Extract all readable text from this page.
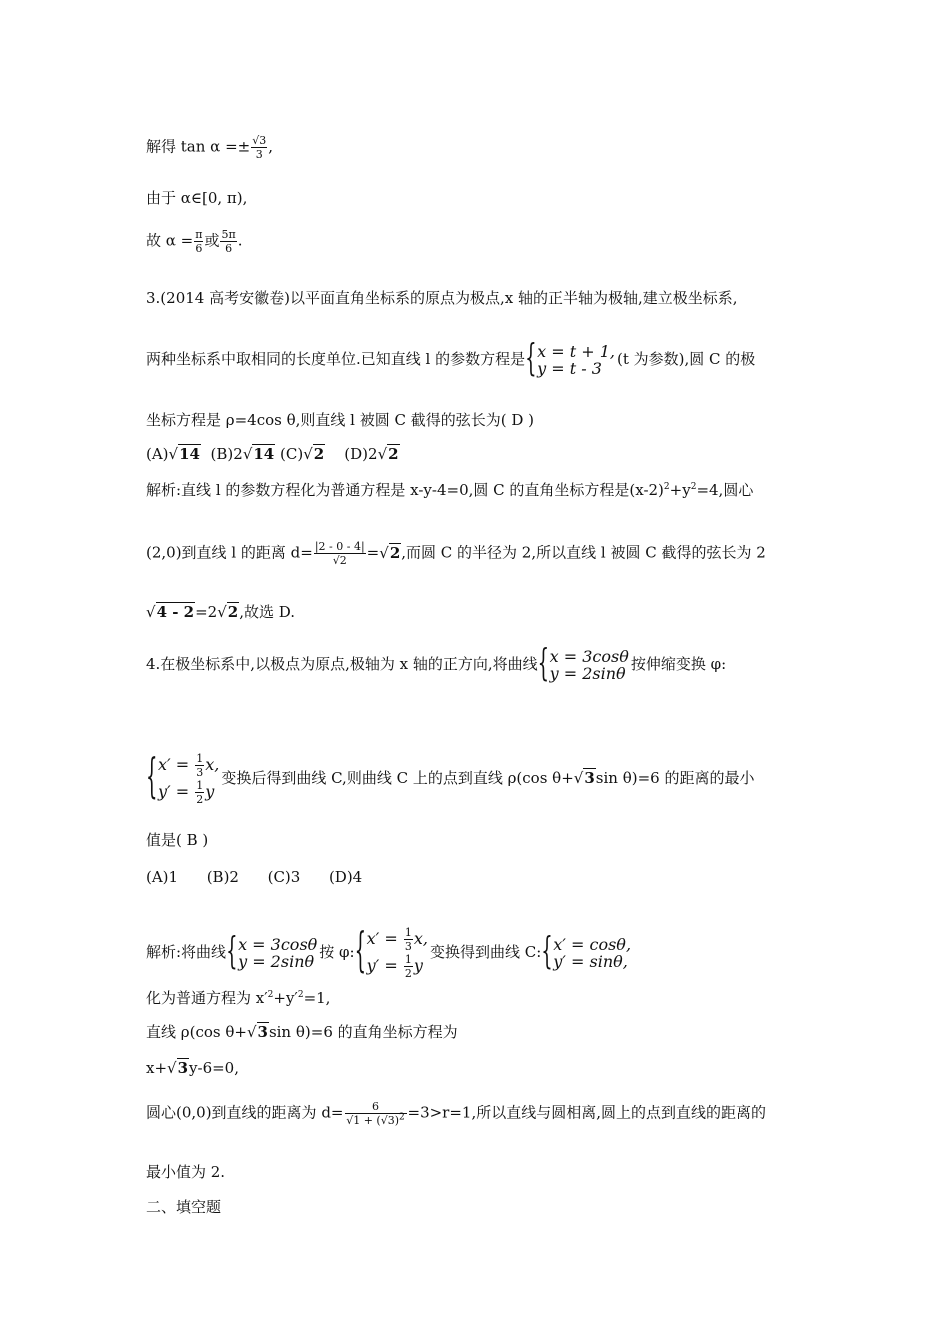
解得 $\tan \alpha =\pm \frac{√3}{3}$ ,
由于 α∈[0, π),
故 $\alpha = \frac{\pi}{6}$ 或 $\frac{5\pi}{6}$ .
3.(2014 高考安徽卷)以平面直角坐标系的原点为极点,x 轴的正半轴为极轴,建立极坐标系,
两种坐标系中取相同的长度单位.已知直线 l 的参数方程是 { x = t + 1,
y = t - 3	(t 为参数),圆 C 的极
坐标方程是 ρ=4cos θ,则直线 l 被圆 C 截得的弦长为( D )
(A)√14 (B)2√14 (C)√2 (D)2√2
解析:直线 l 的参数方程化为普通方程是 x-y-4=0,圆 C 的直角坐标方程是$(x-2)^2+y^2=4$,圆心
(2,0)到直线 l 的距离 $d= \frac{|2 - 0 - 4|}{√2} =√2$,而圆 C 的半径为 2,所以直线 l 被圆 C 截得的弦长为 2
√4 - 2=2√2,故选 D.
4.在极坐标系中,以极点为原点,极轴为 x 轴的正方向,将曲线 { x = 3cosθ
y = 2sinθ 按伸缩变换 φ:
{ $x' = \frac{1}{3} x$,
$y' = \frac{1}{2}$ y
变换后得到曲线 C,则曲线 C 上的点到直线 ρ(cos θ+√3sin θ)=6 的距离的最小
值是( B )
(A)1 (B)2 (C)3 (D)4
解析:将曲线 { x = 3cosθ
y = 2sinθ 按 φ: { $x' = \frac{1}{3} x$,
$y' = \frac{1}{2}$ y
变换得到曲线 C: { x′ = cosθ,
y′ = sinθ,
化为普通方程为 $x'^2+y'^2=1$,
直线 ρ(cos θ+√3sin θ)=6 的直角坐标方程为
x+√3y-6=0,
圆心(0,0)到直线的距离为 $d= \frac{6}{√1 + (√3)^2} =3>r=1$,所以直线与圆相离,圆上的点到直线的距离的
最小值为 2.
二、填空题
